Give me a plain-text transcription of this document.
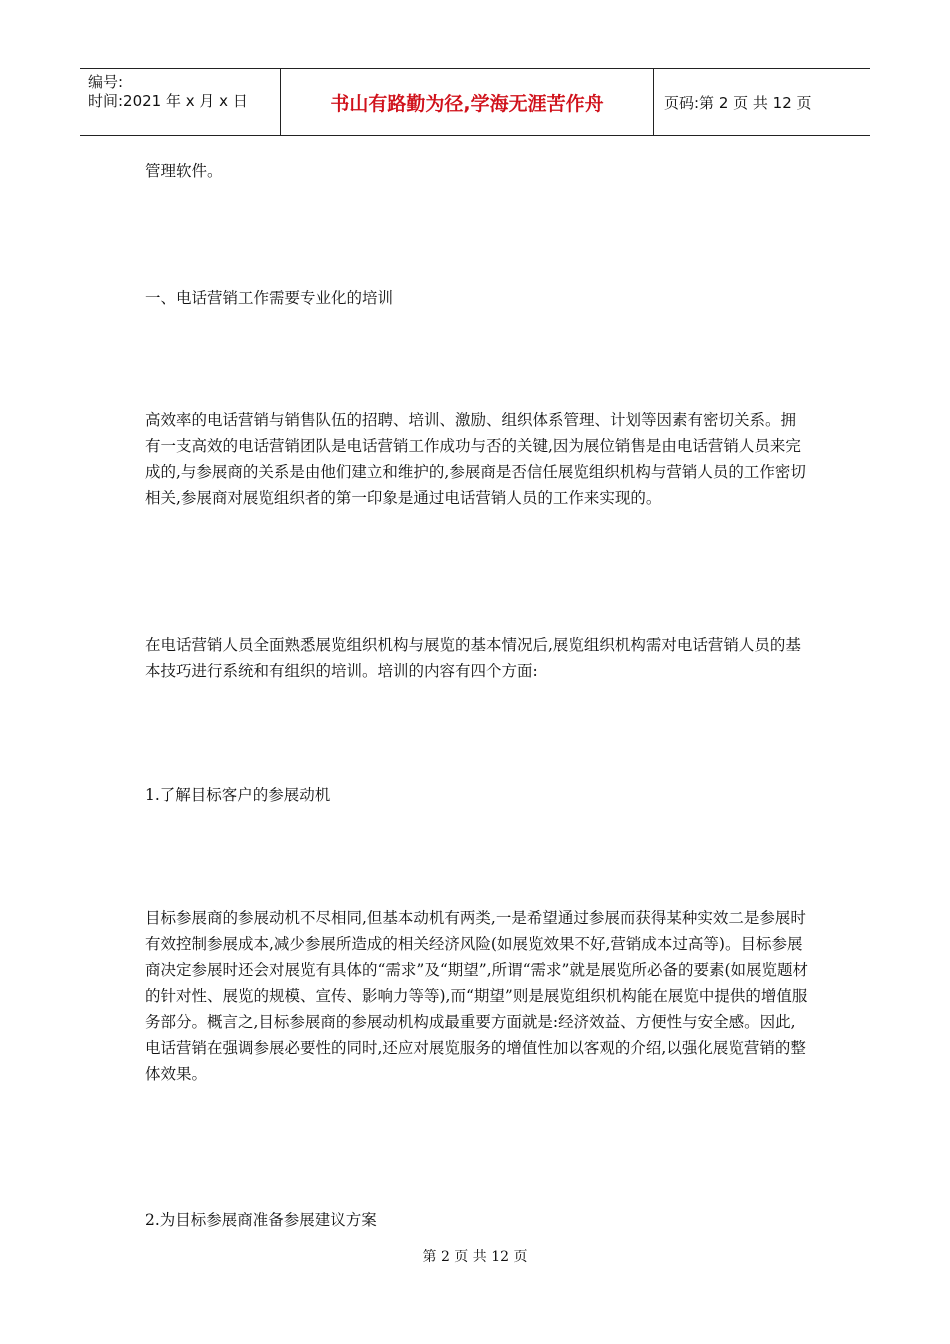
编号:
时间:2021 年 x 月 x 日	书山有路勤为径,学海无涯苦作舟	页码:第 2 页 共 12 页

管理软件。

一、电话营销工作需要专业化的培训

高效率的电话营销与销售队伍的招聘、培训、激励、组织体系管理、计划等因素有密切关系。拥有一支高效的电话营销团队是电话营销工作成功与否的关键,因为展位销售是由电话营销人员来完成的,与参展商的关系是由他们建立和维护的,参展商是否信任展览组织机构与营销人员的工作密切相关,参展商对展览组织者的第一印象是通过电话营销人员的工作来实现的。

在电话营销人员全面熟悉展览组织机构与展览的基本情况后,展览组织机构需对电话营销人员的基本技巧进行系统和有组织的培训。培训的内容有四个方面:

1.了解目标客户的参展动机

目标参展商的参展动机不尽相同,但基本动机有两类,一是希望通过参展而获得某种实效二是参展时有效控制参展成本,减少参展所造成的相关经济风险(如展览效果不好,营销成本过高等)。目标参展商决定参展时还会对展览有具体的“需求”及“期望”,所谓“需求”就是展览所必备的要素(如展览题材的针对性、展览的规模、宣传、影响力等等),而“期望”则是展览组织机构能在展览中提供的增值服务部分。概言之,目标参展商的参展动机构成最重要方面就是:经济效益、方便性与安全感。因此,电话营销在强调参展必要性的同时,还应对展览服务的增值性加以客观的介绍,以强化展览营销的整体效果。

2.为目标参展商准备参展建议方案

第 2 页 共 12 页
